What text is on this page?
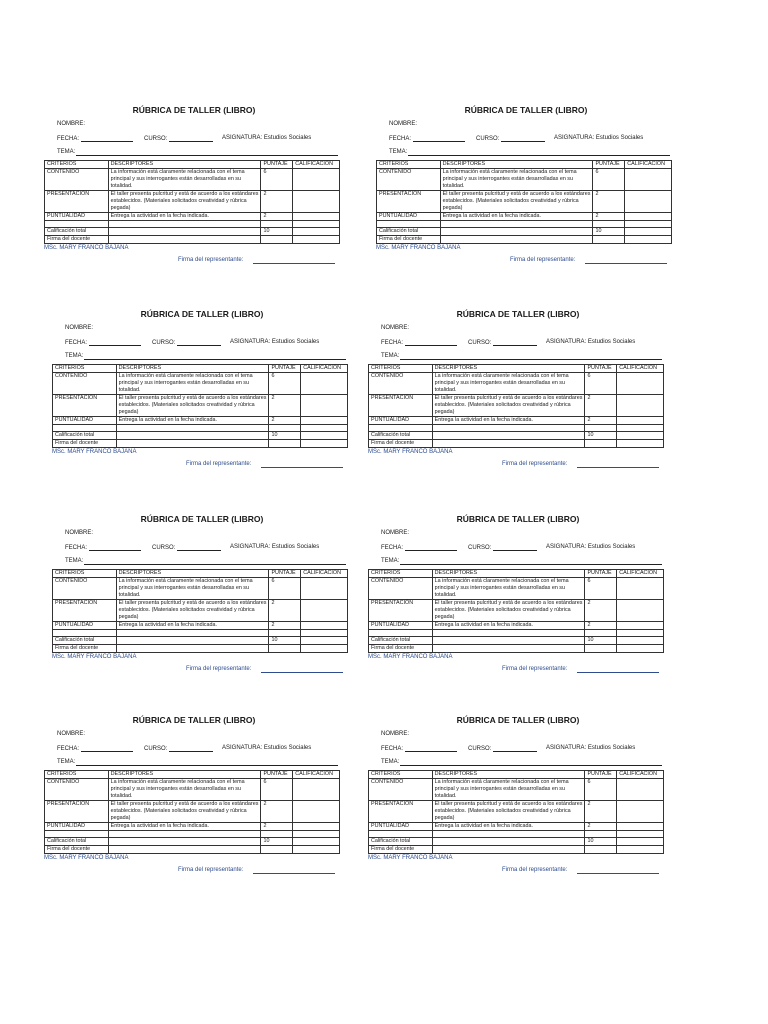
RÚBRICA DE TALLER (LIBRO)
NOMBRE:
FECHA:	CURSO:	ASIGNATURA: Estudios Sociales
TEMA:
CRITERIOS	DESCRIPTORES	PUNTAJE	CALIFICACIÓN
CONTENIDO	La información está claramente relacionada con el tema principal y sus interrogantes están desarrolladas en su totalidad.	6	
PRESENTACIÓN	El taller presenta pulcritud y está de acuerdo a los estándares establecidos. (Materiales solicitados creatividad y rúbrica pegada)	2	
PUNTUALIDAD	Entrega la actividad en la fecha indicada.	2	

Calificación total		10	
Firma del docente			
MSc. MARY FRANCO BAJAÑA
Firma del representante:
RÚBRICA DE TALLER (LIBRO)
NOMBRE:
FECHA:	CURSO:	ASIGNATURA: Estudios Sociales
TEMA:
CRITERIOS	DESCRIPTORES	PUNTAJE	CALIFICACIÓN
CONTENIDO	La información está claramente relacionada con el tema principal y sus interrogantes están desarrolladas en su totalidad.	6	
PRESENTACIÓN	El taller presenta pulcritud y está de acuerdo a los estándares establecidos. (Materiales solicitados creatividad y rúbrica pegada)	2	
PUNTUALIDAD	Entrega la actividad en la fecha indicada.	2	

Calificación total		10	
Firma del docente			
MSc. MARY FRANCO BAJAÑA
Firma del representante:
RÚBRICA DE TALLER (LIBRO)
NOMBRE:
FECHA:	CURSO:	ASIGNATURA: Estudios Sociales
TEMA:
CRITERIOS	DESCRIPTORES	PUNTAJE	CALIFICACIÓN
CONTENIDO	La información está claramente relacionada con el tema principal y sus interrogantes están desarrolladas en su totalidad.	6	
PRESENTACIÓN	El taller presenta pulcritud y está de acuerdo a los estándares establecidos. (Materiales solicitados creatividad y rúbrica pegada)	2	
PUNTUALIDAD	Entrega la actividad en la fecha indicada.	2	

Calificación total		10	
Firma del docente			
MSc. MARY FRANCO BAJAÑA
Firma del representante:
RÚBRICA DE TALLER (LIBRO)
NOMBRE:
FECHA:	CURSO:	ASIGNATURA: Estudios Sociales
TEMA:
CRITERIOS	DESCRIPTORES	PUNTAJE	CALIFICACIÓN
CONTENIDO	La información está claramente relacionada con el tema principal y sus interrogantes están desarrolladas en su totalidad.	6	
PRESENTACIÓN	El taller presenta pulcritud y está de acuerdo a los estándares establecidos. (Materiales solicitados creatividad y rúbrica pegada)	2	
PUNTUALIDAD	Entrega la actividad en la fecha indicada.	2	

Calificación total		10	
Firma del docente			
MSc. MARY FRANCO BAJAÑA
Firma del representante:
RÚBRICA DE TALLER (LIBRO)
NOMBRE:
FECHA:	CURSO:	ASIGNATURA: Estudios Sociales
TEMA:
CRITERIOS	DESCRIPTORES	PUNTAJE	CALIFICACIÓN
CONTENIDO	La información está claramente relacionada con el tema principal y sus interrogantes están desarrolladas en su totalidad.	6	
PRESENTACIÓN	El taller presenta pulcritud y está de acuerdo a los estándares establecidos. (Materiales solicitados creatividad y rúbrica pegada)	2	
PUNTUALIDAD	Entrega la actividad en la fecha indicada.	2	

Calificación total		10	
Firma del docente			
MSc. MARY FRANCO BAJAÑA
Firma del representante:
RÚBRICA DE TALLER (LIBRO)
NOMBRE:
FECHA:	CURSO:	ASIGNATURA: Estudios Sociales
TEMA:
CRITERIOS	DESCRIPTORES	PUNTAJE	CALIFICACIÓN
CONTENIDO	La información está claramente relacionada con el tema principal y sus interrogantes están desarrolladas en su totalidad.	6	
PRESENTACIÓN	El taller presenta pulcritud y está de acuerdo a los estándares establecidos. (Materiales solicitados creatividad y rúbrica pegada)	2	
PUNTUALIDAD	Entrega la actividad en la fecha indicada.	2	

Calificación total		10	
Firma del docente			
MSc. MARY FRANCO BAJAÑA
Firma del representante:
RÚBRICA DE TALLER (LIBRO)
NOMBRE:
FECHA:	CURSO:	ASIGNATURA: Estudios Sociales
TEMA:
CRITERIOS	DESCRIPTORES	PUNTAJE	CALIFICACIÓN
CONTENIDO	La información está claramente relacionada con el tema principal y sus interrogantes están desarrolladas en su totalidad.	6	
PRESENTACIÓN	El taller presenta pulcritud y está de acuerdo a los estándares establecidos. (Materiales solicitados creatividad y rúbrica pegada)	2	
PUNTUALIDAD	Entrega la actividad en la fecha indicada.	2	

Calificación total		10	
Firma del docente			
MSc. MARY FRANCO BAJAÑA
Firma del representante:
RÚBRICA DE TALLER (LIBRO)
NOMBRE:
FECHA:	CURSO:	ASIGNATURA: Estudios Sociales
TEMA:
CRITERIOS	DESCRIPTORES	PUNTAJE	CALIFICACIÓN
CONTENIDO	La información está claramente relacionada con el tema principal y sus interrogantes están desarrolladas en su totalidad.	6	
PRESENTACIÓN	El taller presenta pulcritud y está de acuerdo a los estándares establecidos. (Materiales solicitados creatividad y rúbrica pegada)	2	
PUNTUALIDAD	Entrega la actividad en la fecha indicada.	2	

Calificación total		10	
Firma del docente			
MSc. MARY FRANCO BAJAÑA
Firma del representante:
